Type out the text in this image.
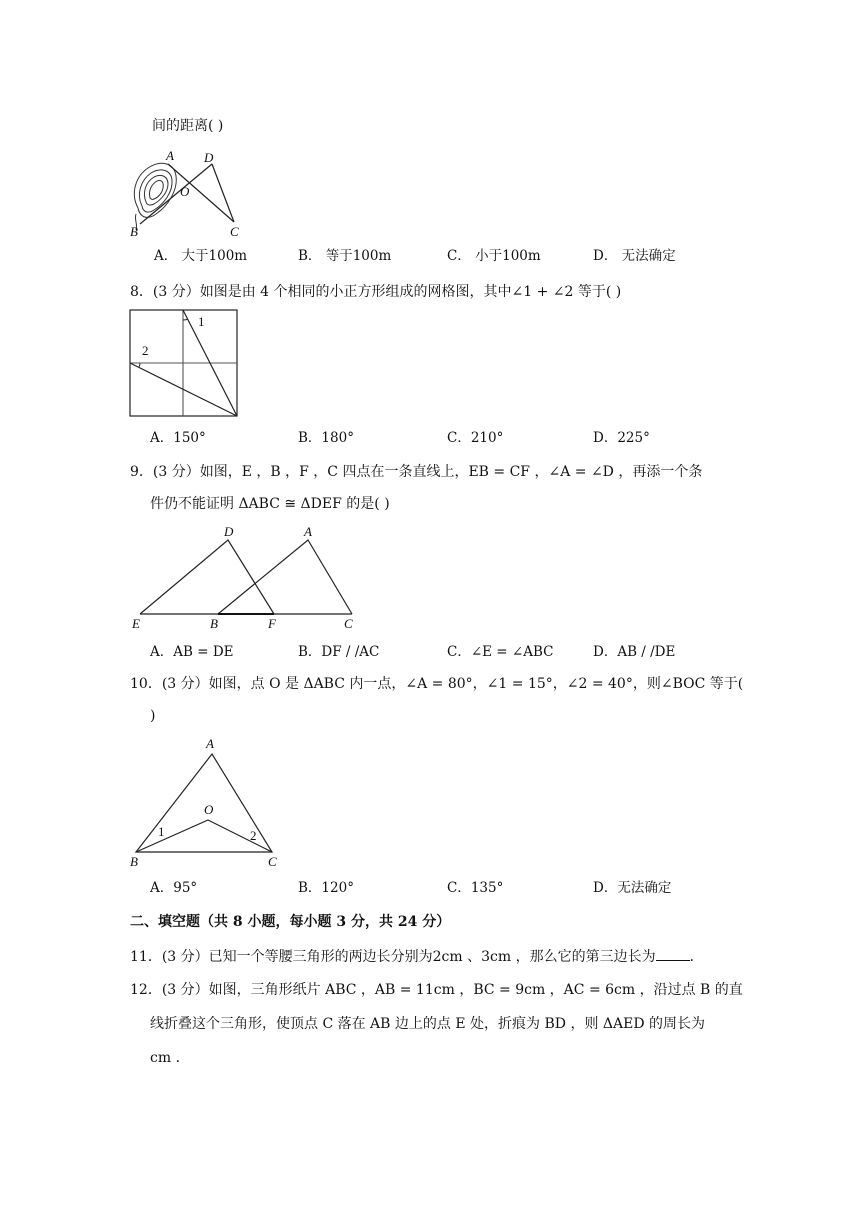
间的距离( )
A D
O
B	C
A． 大于100m	B． 等于100m	C． 小于100m	D． 无法确定
8．(3 分）如图是由 4 个相同的小正方形组成的网格图，其中∠1 + ∠2 等于( )
1
2
A．150°	B．180°	C．210°	D．225°
9．(3 分）如图，E ，B ，F ，C 四点在一条直线上，EB = CF ，∠A = ∠D ，再添一个条
件仍不能证明 ΔABC ≅ ΔDEF 的是( )
D	A
E	B	F	C
A．AB = DE	B．DF / /AC	C．∠E = ∠ABC	D．AB / /DE
10．(3 分）如图，点 O 是 ΔABC 内一点，∠A = 80°，∠1 = 15°，∠2 = 40°，则∠BOC 等于(
)
A
O
B	C
1	2
A．95°	B．120°	C．135°	D．无法确定
二、填空题（共 8 小题，每小题 3 分，共 24 分）
11．(3 分）已知一个等腰三角形的两边长分别为2cm 、3cm ，那么它的第三边长为 ．
12．(3 分）如图，三角形纸片 ABC ，AB = 11cm ，BC = 9cm ，AC = 6cm ，沿过点 B 的直
线折叠这个三角形，使顶点 C 落在 AB 边上的点 E 处，折痕为 BD ，则 ΔAED 的周长为
cm ．
